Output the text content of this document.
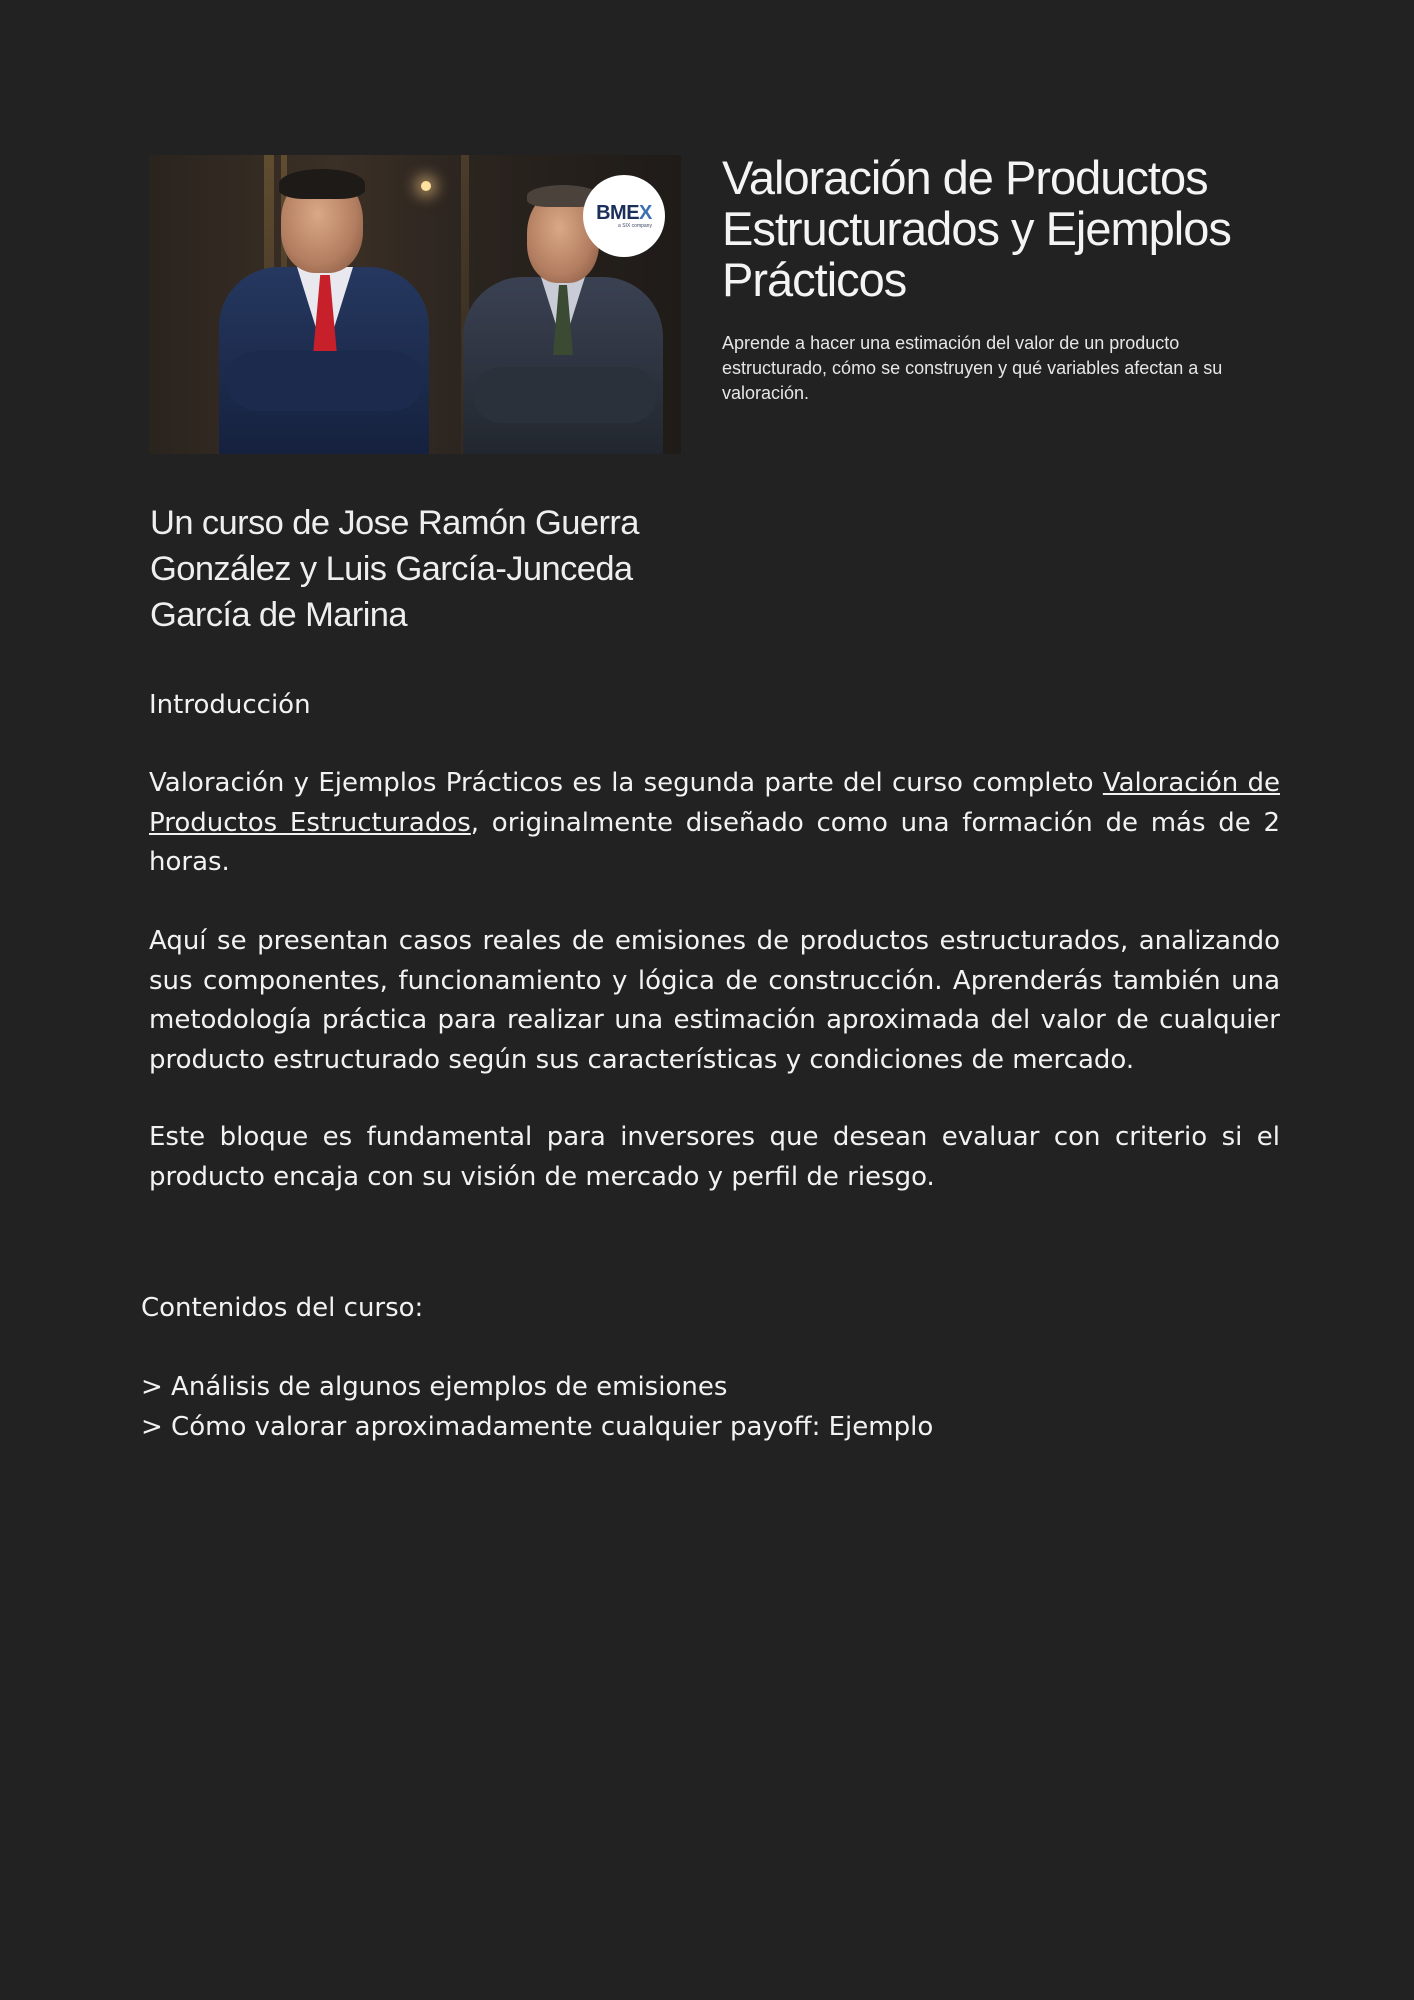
BMEX
a SIX company
Valoración de Productos Estructurados y Ejemplos Prácticos

Aprende a hacer una estimación del valor de un producto estructurado, cómo se construyen y qué variables afectan a su valoración.

Un curso de Jose Ramón Guerra González y Luis García-Junceda García de Marina

Introducción

Valoración y Ejemplos Prácticos es la segunda parte del curso completo Valoración de Productos Estructurados, originalmente diseñado como una formación de más de 2 horas.

Aquí se presentan casos reales de emisiones de productos estructurados, analizando sus componentes, funcionamiento y lógica de construcción. Aprenderás también una metodología práctica para realizar una estimación aproximada del valor de cualquier producto estructurado según sus características y condiciones de mercado.

Este bloque es fundamental para inversores que desean evaluar con criterio si el producto encaja con su visión de mercado y perfil de riesgo.

Contenidos del curso:
> Análisis de algunos ejemplos de emisiones
> Cómo valorar aproximadamente cualquier payoff: Ejemplo
